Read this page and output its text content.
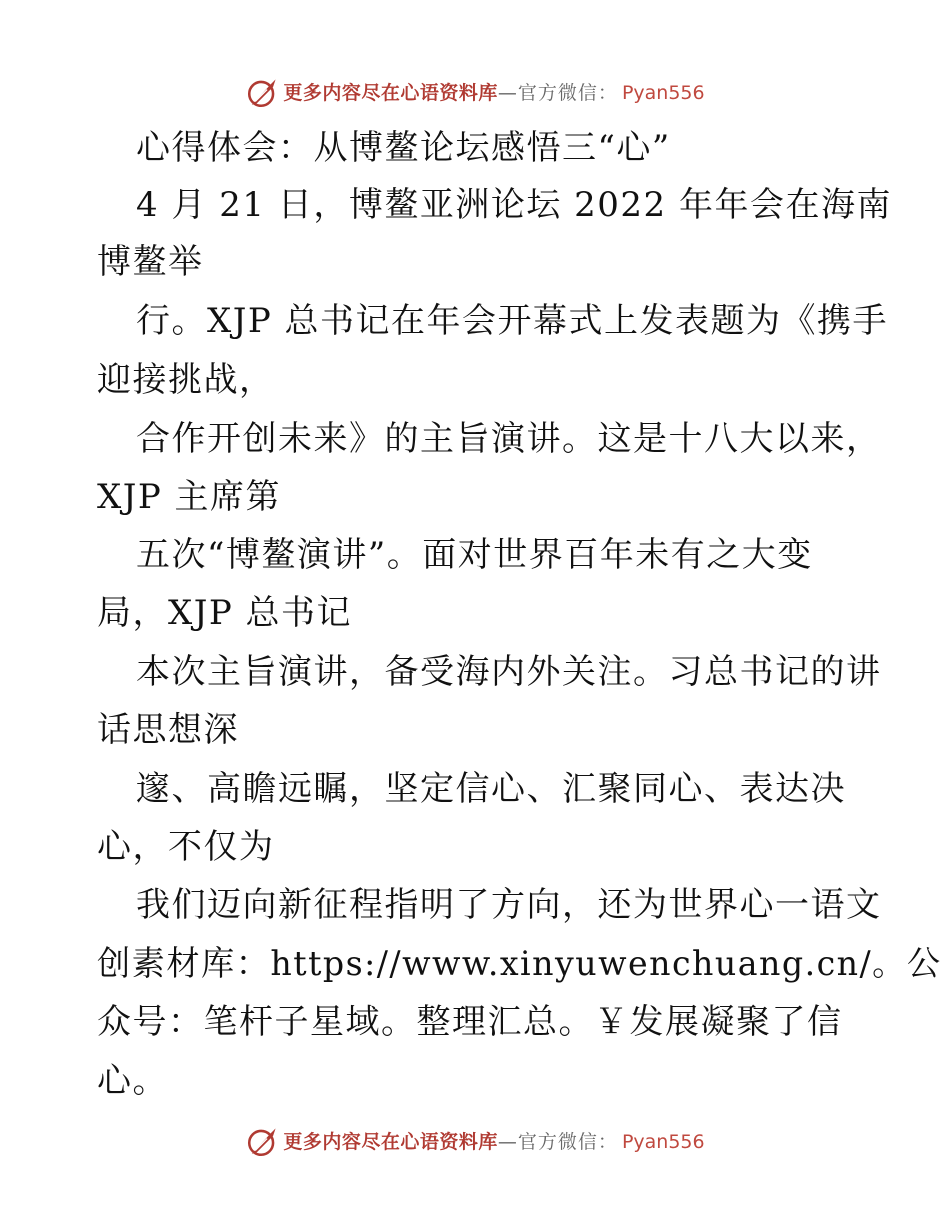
更多内容尽在心语资料库 — 官方微信： Pyan556
心得体会：从博鳌论坛感悟三“心”
4 月 21 日，博鳌亚洲论坛 2022 年年会在海南
博鳌举
行。XJP 总书记在年会开幕式上发表题为《携手
迎接挑战，
合作开创未来》的主旨演讲。这是十八大以来，
XJP 主席第
五次“博鳌演讲”。面对世界百年未有之大变
局，XJP 总书记
本次主旨演讲，备受海内外关注。习总书记的讲
话思想深
邃、高瞻远瞩，坚定信心、汇聚同心、表达决
心，不仅为
我们迈向新征程指明了方向，还为世界心一语文
创素材库：https://www.xinyuwenchuang.cn/。公
众号：笔杆子星域。整理汇总。￥发展凝聚了信
心。
更多内容尽在心语资料库 — 官方微信： Pyan556
